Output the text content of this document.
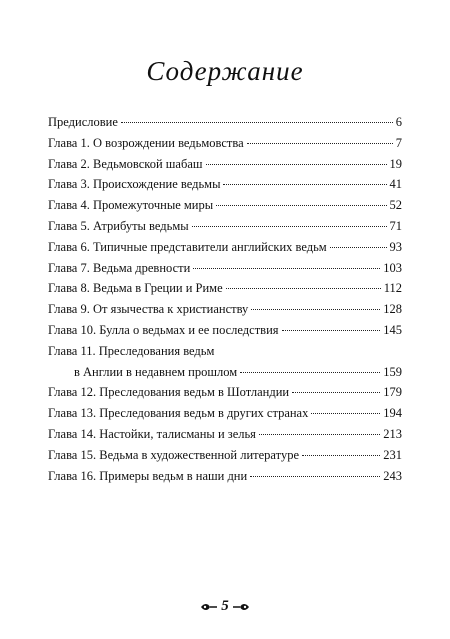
Содержание
Предисловие	6
Глава 1. О возрождении ведьмовства	7
Глава 2. Ведьмовской шабаш	19
Глава 3. Происхождение ведьмы	41
Глава 4. Промежуточные миры	52
Глава 5. Атрибуты ведьмы	71
Глава 6. Типичные представители английских ведьм	93
Глава 7. Ведьма древности	103
Глава 8. Ведьма в Греции и Риме	112
Глава 9. От язычества к христианству	128
Глава 10. Булла о ведьмах и ее последствия	145
Глава 11. Преследования ведьм
в Англии в недавнем прошлом	159
Глава 12. Преследования ведьм в Шотландии	179
Глава 13. Преследования ведьм в других странах	194
Глава 14. Настойки, талисманы и зелья	213
Глава 15. Ведьма в художественной литературе	231
Глава 16. Примеры ведьм в наши дни	243
5
